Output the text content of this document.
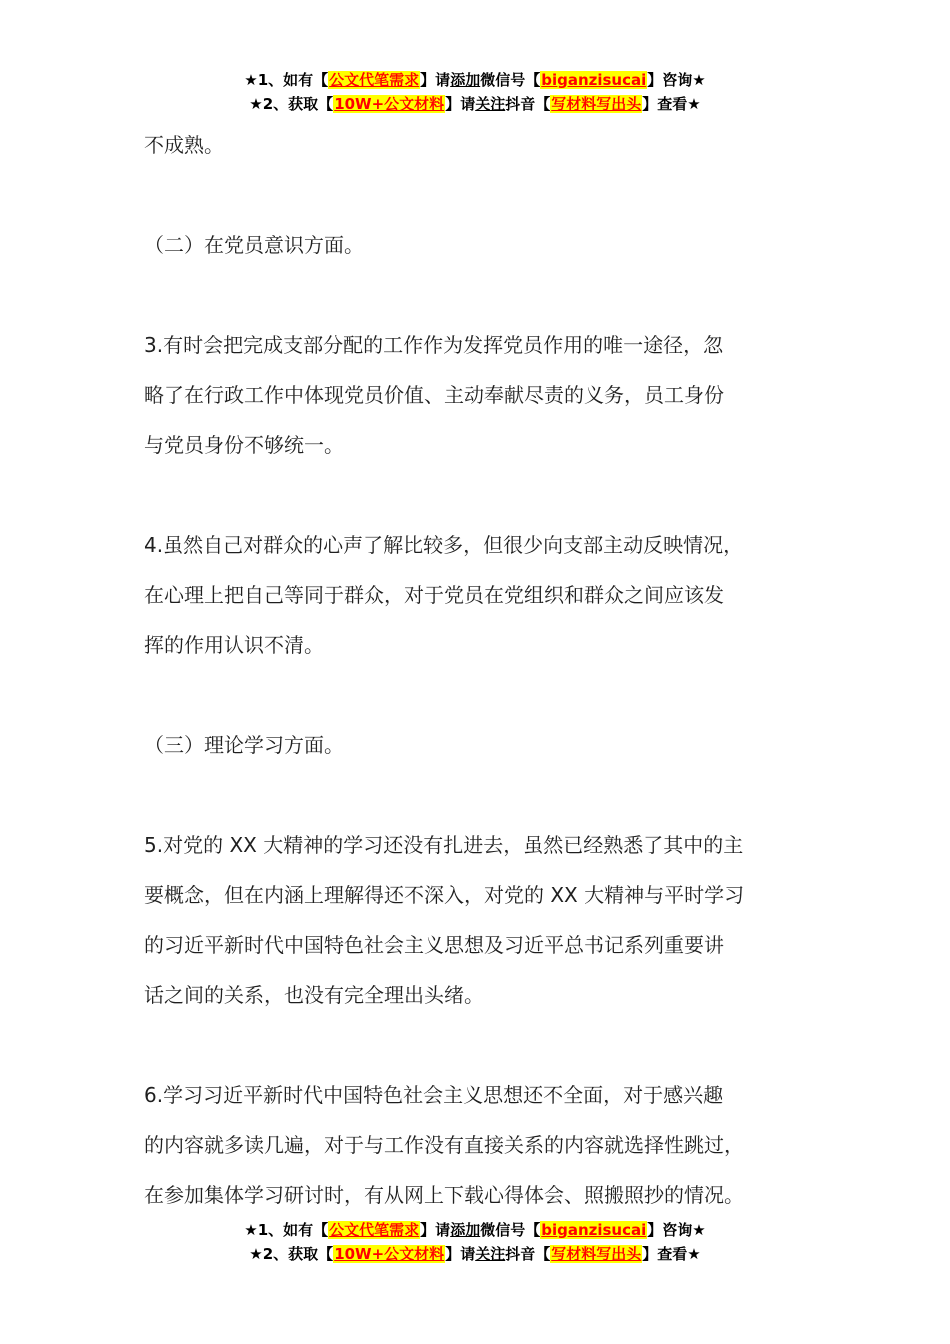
★1、如有【公文代笔需求】请添加微信号【biganzisucai】咨询★
★2、获取【10W+公文材料】请关注抖音【写材料写出头】查看★
不成熟。
（二）在党员意识方面。
3.有时会把完成支部分配的工作作为发挥党员作用的唯一途径，忽
略了在行政工作中体现党员价值、主动奉献尽责的义务，员工身份
与党员身份不够统一。
4.虽然自己对群众的心声了解比较多，但很少向支部主动反映情况，
在心理上把自己等同于群众，对于党员在党组织和群众之间应该发
挥的作用认识不清。
（三）理论学习方面。
5.对党的 XX 大精神的学习还没有扎进去，虽然已经熟悉了其中的主
要概念，但在内涵上理解得还不深入，对党的 XX 大精神与平时学习
的习近平新时代中国特色社会主义思想及习近平总书记系列重要讲
话之间的关系，也没有完全理出头绪。
6.学习习近平新时代中国特色社会主义思想还不全面，对于感兴趣
的内容就多读几遍，对于与工作没有直接关系的内容就选择性跳过，
在参加集体学习研讨时，有从网上下载心得体会、照搬照抄的情况。
★1、如有【公文代笔需求】请添加微信号【biganzisucai】咨询★
★2、获取【10W+公文材料】请关注抖音【写材料写出头】查看★
